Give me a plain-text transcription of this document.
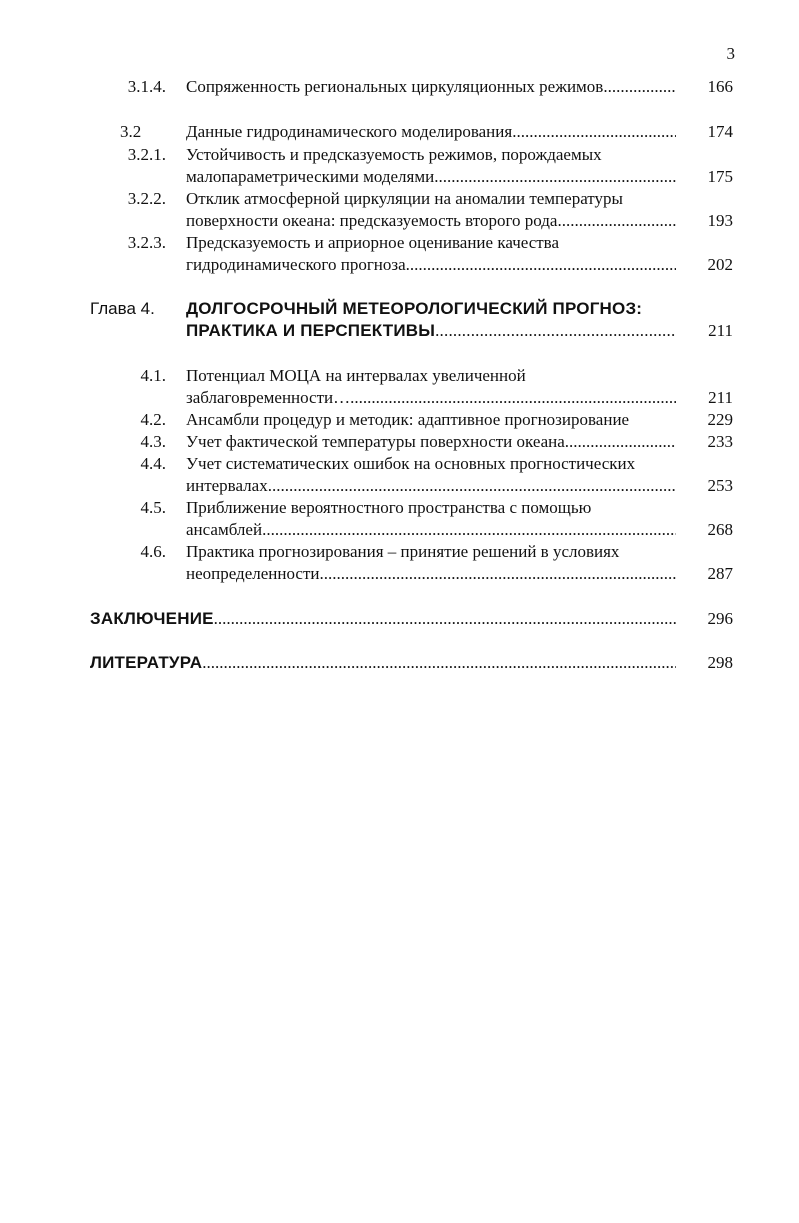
3
3.1.4. Сопряженность региональных циркуляционных режимов .....	166
3.2	Данные гидродинамического моделирования .....	174
3.2.1. Устойчивость и предсказуемость режимов, порождаемых
малопараметрическими моделями .....	175
3.2.2. Отклик атмосферной циркуляции на аномалии температуры
поверхности океана: предсказуемость второго рода .....	193
3.2.3. Предсказуемость и априорное оценивание качества
гидродинамического прогноза .....	202
Глава 4. ДОЛГОСРОЧНЫЙ МЕТЕОРОЛОГИЧЕСКИЙ ПРОГНОЗ:
ПРАКТИКА И ПЕРСПЕКТИВЫ .....	211
4.1. Потенциал МОЦА на интервалах увеличенной
заблаговременности… .....	211
4.2. Ансамбли процедур и методик: адаптивное прогнозирование	229
4.3. Учет фактической температуры поверхности океана .....	233
4.4. Учет систематических ошибок на основных прогностических
интервалах .....	253
4.5. Приближение вероятностного пространства с помощью
ансамблей .....	268
4.6. Практика прогнозирования – принятие решений в условиях
неопределенности .....	287
ЗАКЛЮЧЕНИЕ .....	296
ЛИТЕРАТУРА .....	298
